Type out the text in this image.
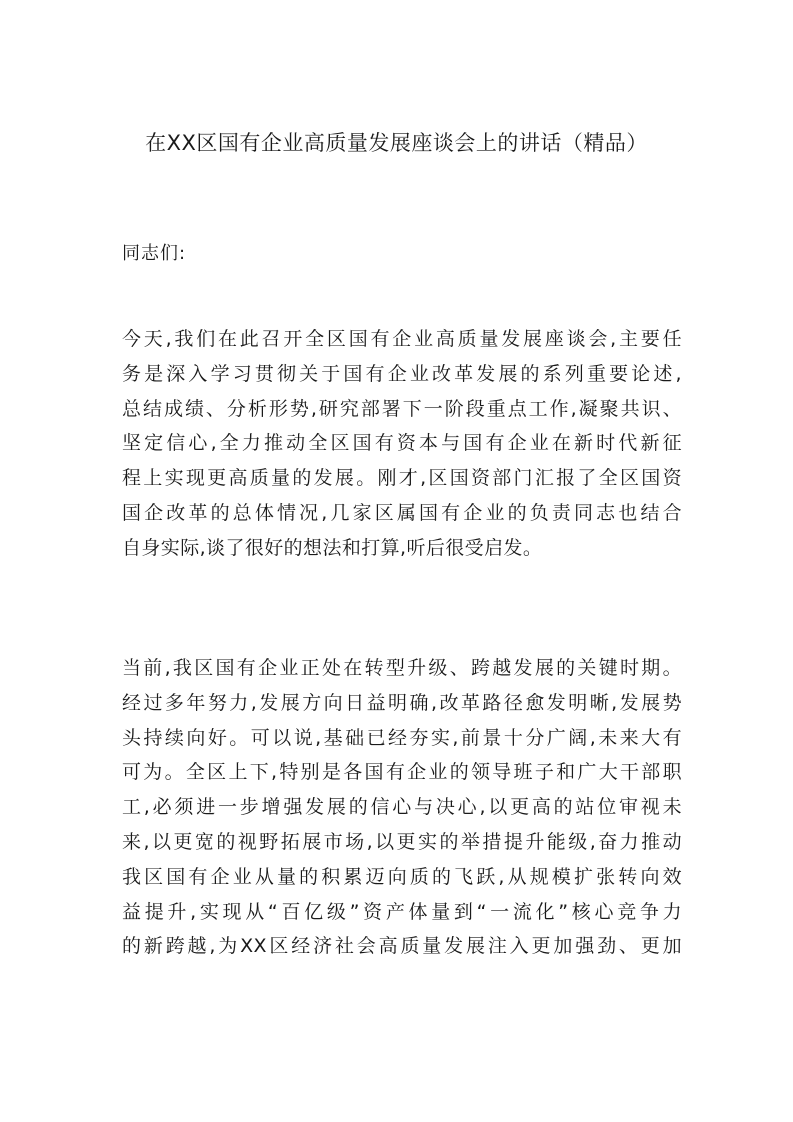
在XX区国有企业高质量发展座谈会上的讲话（精品）
同志们:
今天,我们在此召开全区国有企业高质量发展座谈会,主要任
务是深入学习贯彻关于国有企业改革发展的系列重要论述,
总结成绩、分析形势,研究部署下一阶段重点工作,凝聚共识、
坚定信心,全力推动全区国有资本与国有企业在新时代新征
程上实现更高质量的发展。刚才,区国资部门汇报了全区国资
国企改革的总体情况,几家区属国有企业的负责同志也结合
自身实际,谈了很好的想法和打算,听后很受启发。
当前,我区国有企业正处在转型升级、跨越发展的关键时期。
经过多年努力,发展方向日益明确,改革路径愈发明晰,发展势
头持续向好。可以说,基础已经夯实,前景十分广阔,未来大有
可为。全区上下,特别是各国有企业的领导班子和广大干部职
工,必须进一步增强发展的信心与决心,以更高的站位审视未
来,以更宽的视野拓展市场,以更实的举措提升能级,奋力推动
我区国有企业从量的积累迈向质的飞跃,从规模扩张转向效
益提升,实现从“百亿级”资产体量到“一流化”核心竞争力
的新跨越,为XX区经济社会高质量发展注入更加强劲、更加
